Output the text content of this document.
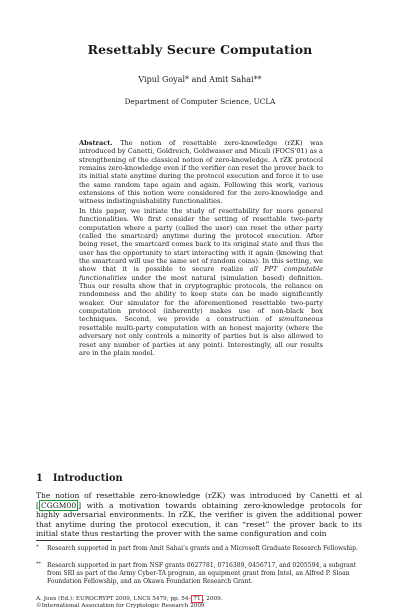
Resettably Secure Computation
Vipul Goyal* and Amit Sahai**
Department of Computer Science, UCLA

Abstract. The notion of resettable zero-knowledge (rZK) was introduced by Canetti, Goldreich, Goldwasser and Micali (FOCS'01) as a strengthening of the classical notion of zero-knowledge. A rZK protocol remains zero-knowledge even if the verifier can reset the prover back to its initial state anytime during the protocol execution and force it to use the same random tape again and again. Following this work, various extensions of this notion were considered for the zero-knowledge and witness indistinguishability functionalities.

In this paper, we initiate the study of resettability for more general functionalities. We first consider the setting of resettable two-party computation where a party (called the user) can reset the other party (called the smartcard) anytime during the protocol execution. After being reset, the smartcard comes back to its original state and thus the user has the opportunity to start interacting with it again (knowing that the smartcard will use the same set of random coins). In this setting, we show that it is possible to secure realize all PPT computable functionalities under the most natural (simulation based) definition. Thus our results show that in cryptographic protocols, the reliance on randomness and the ability to keep state can be made significantly weaker. Our simulator for the aforementioned resettable two-party computation protocol (inherently) makes use of non-black box techniques. Second, we provide a construction of simultaneous resettable multi-party computation with an honest majority (where the adversary not only controls a minority of parties but is also allowed to reset any number of parties at any point). Interestingly, all our results are in the plain model.

1 Introduction

The notion of resettable zero-knowledge (rZK) was introduced by Canetti et al [ CGGM00 ] with a motivation towards obtaining zero-knowledge protocols for highly adversarial environments. In rZK, the verifier is given the additional power that anytime during the protocol execution, it can “reset” the prover back to its initial state thus restarting the prover with the same configuration and coin

*	Research supported in part from Amit Sahai’s grants and a Microsoft Graduate Research Fellowship.
** Research supported in part from NSF grants 0627781, 0716389, 0456717, and 0205594, a subgrant from SRI as part of the Army Cyber-TA program, an equipment grant from Intel, an Alfred P. Sloan Foundation Fellowship, and an Okawa Foundation Research Grant.
A. Joux (Ed.): EUROCRYPT 2009, LNCS 5479, pp. 54– 71 , 2009.
©International Association for Cryptologic Research 2009
